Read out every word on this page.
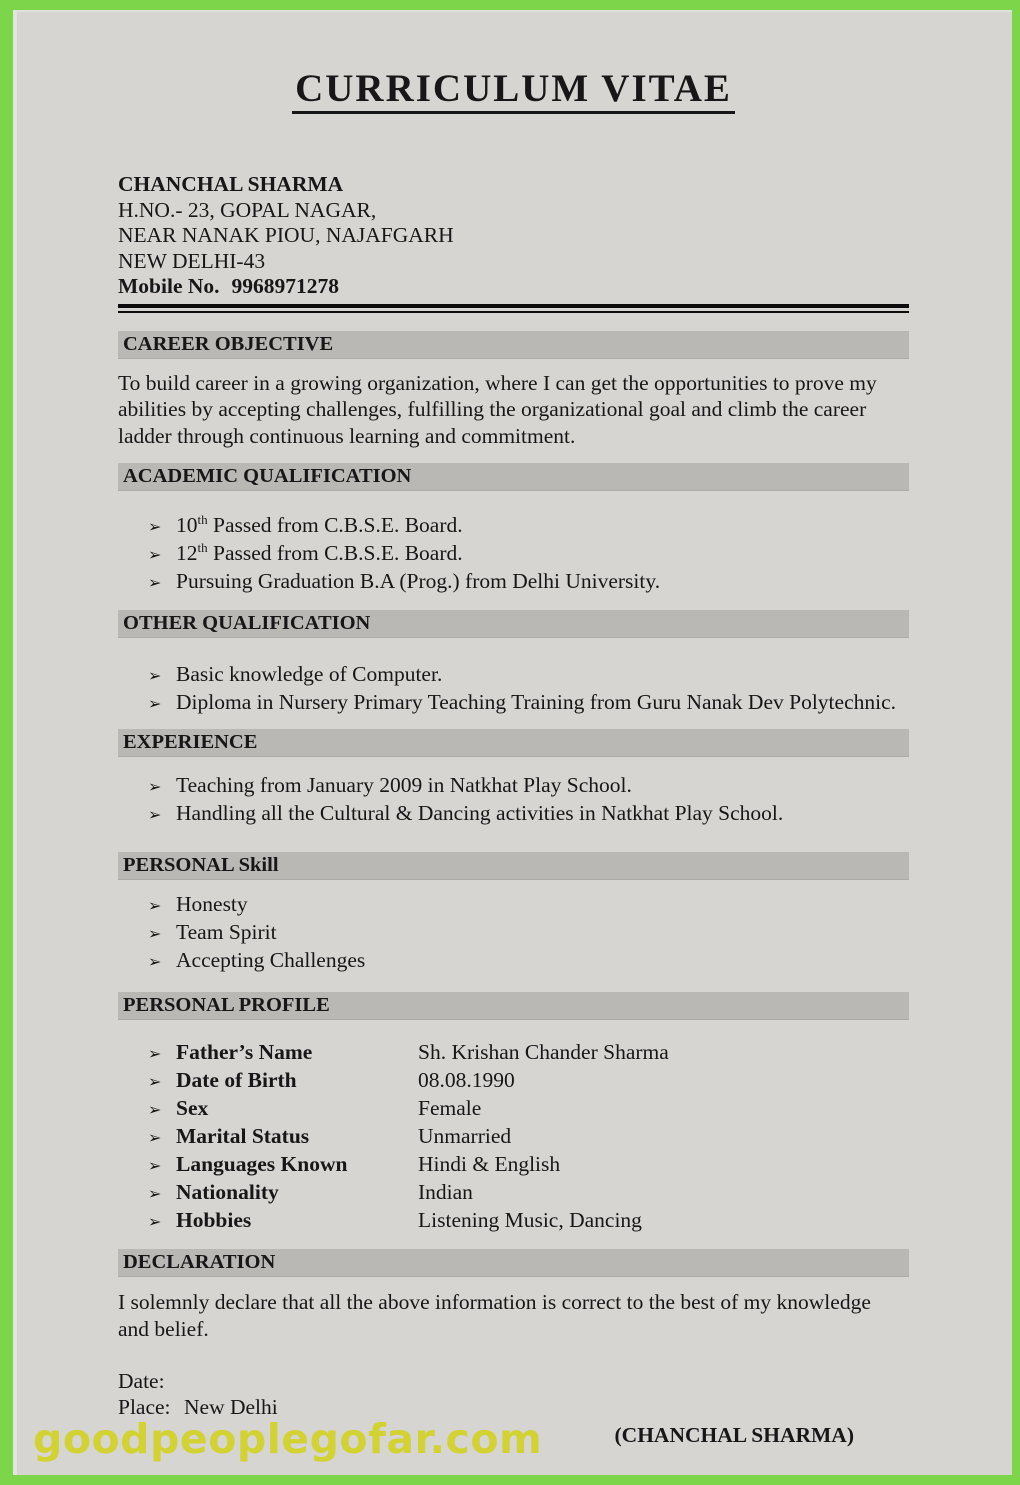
CURRICULUM VITAE
CHANCHAL SHARMA
H.NO.- 23, GOPAL NAGAR,
NEAR NANAK PIOU, NAJAFGARH
NEW DELHI-43
Mobile No. 9968971278
CAREER OBJECTIVE
To build career in a growing organization, where I can get the opportunities to prove my abilities by accepting challenges, fulfilling the organizational goal and climb the career ladder through continuous learning and commitment.
ACADEMIC QUALIFICATION
➢ 10th Passed from C.B.S.E. Board.
➢ 12th Passed from C.B.S.E. Board.
➢ Pursuing Graduation B.A (Prog.) from Delhi University.
OTHER QUALIFICATION
➢ Basic knowledge of Computer.
➢ Diploma in Nursery Primary Teaching Training from Guru Nanak Dev Polytechnic.
EXPERIENCE
➢ Teaching from January 2009 in Natkhat Play School.
➢ Handling all the Cultural & Dancing activities in Natkhat Play School.
PERSONAL Skill
➢ Honesty
➢ Team Spirit
➢ Accepting Challenges
PERSONAL PROFILE
➢ Father’s Name	Sh. Krishan Chander Sharma
➢ Date of Birth	08.08.1990
➢ Sex	Female
➢ Marital Status	Unmarried
➢ Languages Known	Hindi & English
➢ Nationality	Indian
➢ Hobbies	Listening Music, Dancing
DECLARATION
I solemnly declare that all the above information is correct to the best of my knowledge and belief.
Date:
Place: New Delhi
(CHANCHAL SHARMA)
goodpeoplegofar.com
